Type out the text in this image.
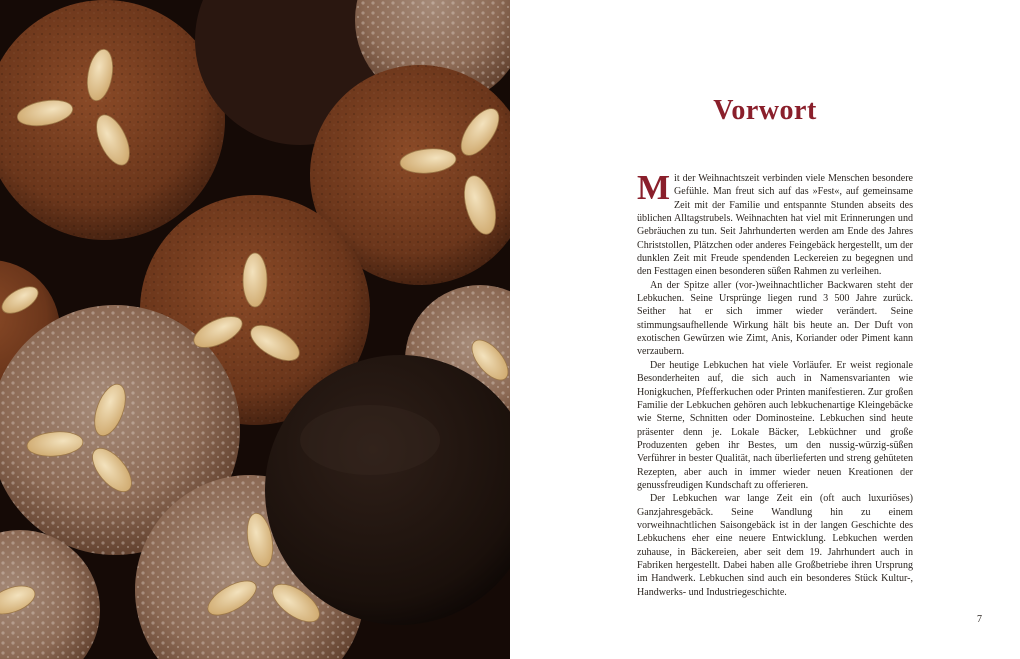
Vorwort

Mit der Weihnachtszeit verbinden viele Menschen besondere Gefühle. Man freut sich auf das »Fest«, auf gemeinsame Zeit mit der Familie und entspannte Stunden abseits des üblichen Alltagstrubels. Weihnachten hat viel mit Erinnerungen und Gebräuchen zu tun. Seit Jahrhunderten werden am Ende des Jahres Christstollen, Plätzchen oder anderes Feingebäck hergestellt, um der dunklen Zeit mit Freude spendenden Leckereien zu begegnen und den Festtagen einen besonderen süßen Rahmen zu verleihen.

An der Spitze aller (vor-)weihnachtlicher Backwaren steht der Lebkuchen. Seine Ursprünge liegen rund 3 500 Jahre zurück. Seither hat er sich immer wieder verändert. Seine stimmungsaufhellende Wirkung hält bis heute an. Der Duft von exotischen Gewürzen wie Zimt, Anis, Koriander oder Piment kann verzaubern.

Der heutige Lebkuchen hat viele Vorläufer. Er weist regionale Besonderheiten auf, die sich auch in Namensvarianten wie Honigkuchen, Pfefferkuchen oder Printen manifestieren. Zur großen Familie der Lebkuchen gehören auch lebkuchenartige Kleingebäcke wie Sterne, Schnitten oder Dominosteine. Lebkuchen sind heute präsenter denn je. Lokale Bäcker, Lebküchner und große Produzenten geben ihr Bestes, um den nussig-würzig-süßen Verführer in bester Qualität, nach überlieferten und streng gehüteten Rezepten, aber auch in immer wieder neuen Kreationen der genussfreudigen Kundschaft zu offerieren.

Der Lebkuchen war lange Zeit ein (oft auch luxuriöses) Ganzjahresgebäck. Seine Wandlung hin zu einem vorweihnachtlichen Saisongebäck ist in der langen Geschichte des Lebkuchens eher eine neuere Entwicklung. Lebkuchen werden zuhause, in Bäckereien, aber seit dem 19. Jahrhundert auch in Fabriken hergestellt. Dabei haben alle Großbetriebe ihren Ursprung im Handwerk. Lebkuchen sind auch ein besonderes Stück Kultur-, Handwerks- und Industriegeschichte.

7
